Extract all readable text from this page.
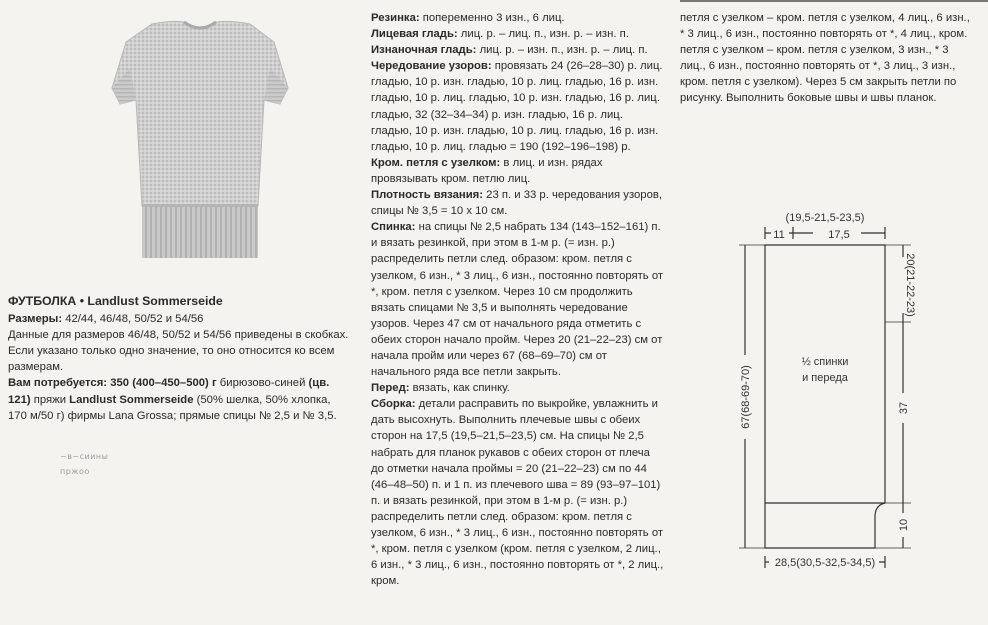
ФУТБОЛКА • Landlust Sommerseide

Размеры: 42/44, 46/48, 50/52 и 54/56

Данные для размеров 46/48, 50/52 и 54/56 приведены в скобках. Если указано только одно значение, то оно относится ко всем размерам.

Вам потребуется: 350 (400–450–500) г бирюзово-синей (цв. 121) пряжи Landlust Sommerseide (50% шелка, 50% хлопка, 170 м/50 г) фирмы Lana Grossa; прямые спицы № 2,5 и № 3,5.

~в~сиины
пржоо

Резинка: попеременно 3 изн., 6 лиц.

Лицевая гладь: лиц. р. – лиц. п., изн. р. – изн. п.

Изнаночная гладь: лиц. р. – изн. п., изн. р. – лиц. п.

Чередование узоров: провязать 24 (26–28–30) р. лиц. гладью, 10 р. изн. гладью, 10 р. лиц. гладью, 16 р. изн. гладью, 10 р. лиц. гладью, 10 р. изн. гладью, 16 р. лиц. гладью, 32 (32–34–34) р. изн. гладью, 16 р. лиц. гладью, 10 р. изн. гладью, 10 р. лиц. гладью, 16 р. изн. гладью, 10 р. лиц. гладью = 190 (192–196–198) р.

Кром. петля с узелком: в лиц. и изн. рядах провязывать кром. петлю лиц.

Плотность вязания: 23 п. и 33 р. чередования узоров, спицы № 3,5 = 10 х 10 см.

Спинка: на спицы № 2,5 набрать 134 (143–152–161) п. и вязать резинкой, при этом в 1-м р. (= изн. р.) распределить петли след. образом: кром. петля с узелком, 6 изн., * 3 лиц., 6 изн., постоянно повторять от *, кром. петля с узелком. Через 10 см продолжить вязать спицами № 3,5 и выполнять чередование узоров. Через 47 см от начального ряда отметить с обеих сторон начало пройм. Через 20 (21–22–23) см от начала пройм или через 67 (68–69–70) см от начального ряда все петли закрыть.

Перед: вязать, как спинку.

Сборка: детали расправить по выкройке, увлажнить и дать высохнуть. Выполнить плечевые швы с обеих сторон на 17,5 (19,5–21,5–23,5) см. На спицы № 2,5 набрать для планок рукавов с обеих сторон от плеча до отметки начала проймы = 20 (21–22–23) см по 44 (46–48–50) п. и 1 п. из плечевого шва = 89 (93–97–101) п. и вязать резинкой, при этом в 1-м р. (= изн. р.) распределить петли след. образом: кром. петля с узелком, 6 изн., * 3 лиц., 6 изн., постоянно повторять от *, кром. петля с узелком (кром. петля с узелком, 2 лиц., 6 изн., * 3 лиц., 6 изн., постоянно повторять от *, 2 лиц., кром.

петля с узелком – кром. петля с узелком, 4 лиц., 6 изн., * 3 лиц., 6 изн., постоянно повторять от *, 4 лиц., кром. петля с узелком – кром. петля с узелком, 3 изн., * 3 лиц., 6 изн., постоянно повторять от *, 3 лиц., 3 изн., кром. петля с узелком). Через 5 см закрыть петли по рисунку. Выполнить боковые швы и швы планок.

(19,5-21,5-23,5)
11	17,5
20(21-22-23)
67(68-69-70)	37
10
28,5(30,5-32,5-34,5)
½ спинки
и переда
